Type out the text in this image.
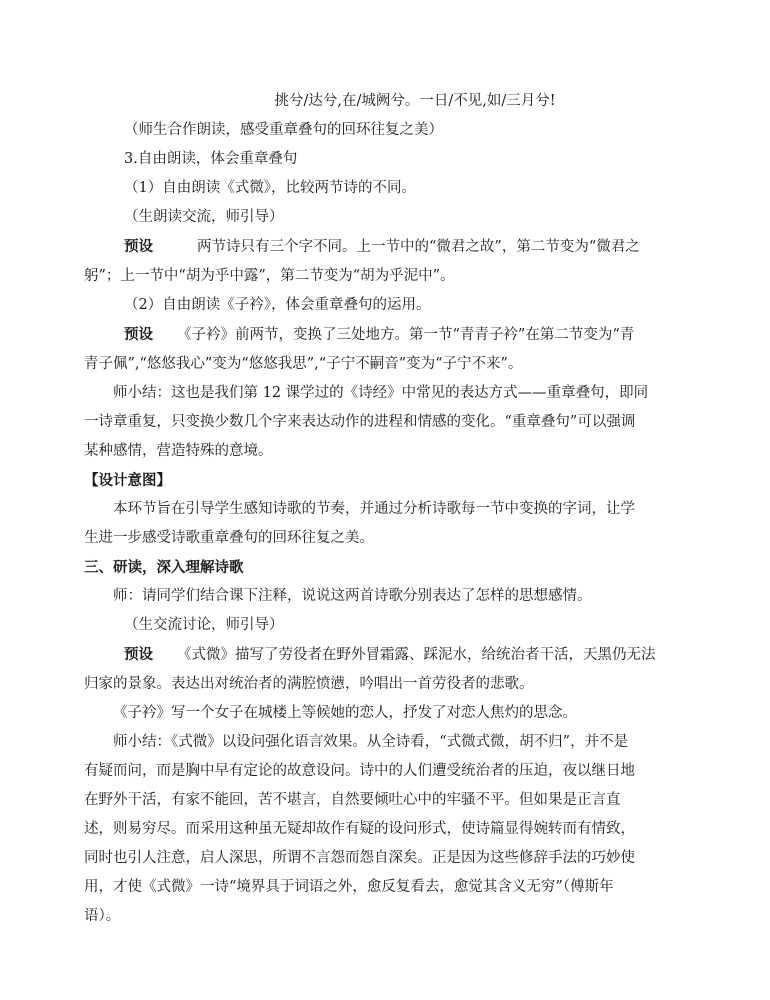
挑兮/达兮,在/城阙兮。一日/不见,如/三月兮!
（师生合作朗读，感受重章叠句的回环往复之美）
3.自由朗读，体会重章叠句
（1）自由朗读《式微》，比较两节诗的不同。
（生朗读交流，师引导）
预设	两节诗只有三个字不同。上一节中的“微君之故”，第二节变为“微君之
躬”；上一节中“胡为乎中露”，第二节变为“胡为乎泥中”。
（2）自由朗读《子衿》，体会重章叠句的运用。
预设 《子衿》前两节，变换了三处地方。第一节“青青子衿”在第二节变为“青
青子佩”,“悠悠我心”变为“悠悠我思”,“子宁不嗣音”变为“子宁不来”。
师小结：这也是我们第 12 课学过的《诗经》中常见的表达方式——重章叠句，即同
一诗章重复，只变换少数几个字来表达动作的进程和情感的变化。“重章叠句”可以强调
某种感情，营造特殊的意境。
【设计意图】
本环节旨在引导学生感知诗歌的节奏，并通过分析诗歌每一节中变换的字词，让学
生进一步感受诗歌重章叠句的回环往复之美。
三、研读，深入理解诗歌
师：请同学们结合课下注释，说说这两首诗歌分别表达了怎样的思想感情。
（生交流讨论，师引导）
预设 《式微》描写了劳役者在野外冒霜露、踩泥水，给统治者干活，天黑仍无法
归家的景象。表达出对统治者的满腔愤懑，吟唱出一首劳役者的悲歌。
《子衿》写一个女子在城楼上等候她的恋人，抒发了对恋人焦灼的思念。
师小结：《式微》以设问强化语言效果。从全诗看，“式微式微，胡不归”，并不是
有疑而问，而是胸中早有定论的故意设问。诗中的人们遭受统治者的压迫，夜以继日地
在野外干活，有家不能回，苦不堪言，自然要倾吐心中的牢骚不平。但如果是正言直
述，则易穷尽。而采用这种虽无疑却故作有疑的设问形式，使诗篇显得婉转而有情致，
同时也引人注意，启人深思，所谓不言怨而怨自深矣。正是因为这些修辞手法的巧妙使
用，才使《式微》一诗“境界具于词语之外，愈反复看去，愈觉其含义无穷”（傅斯年
语）。
